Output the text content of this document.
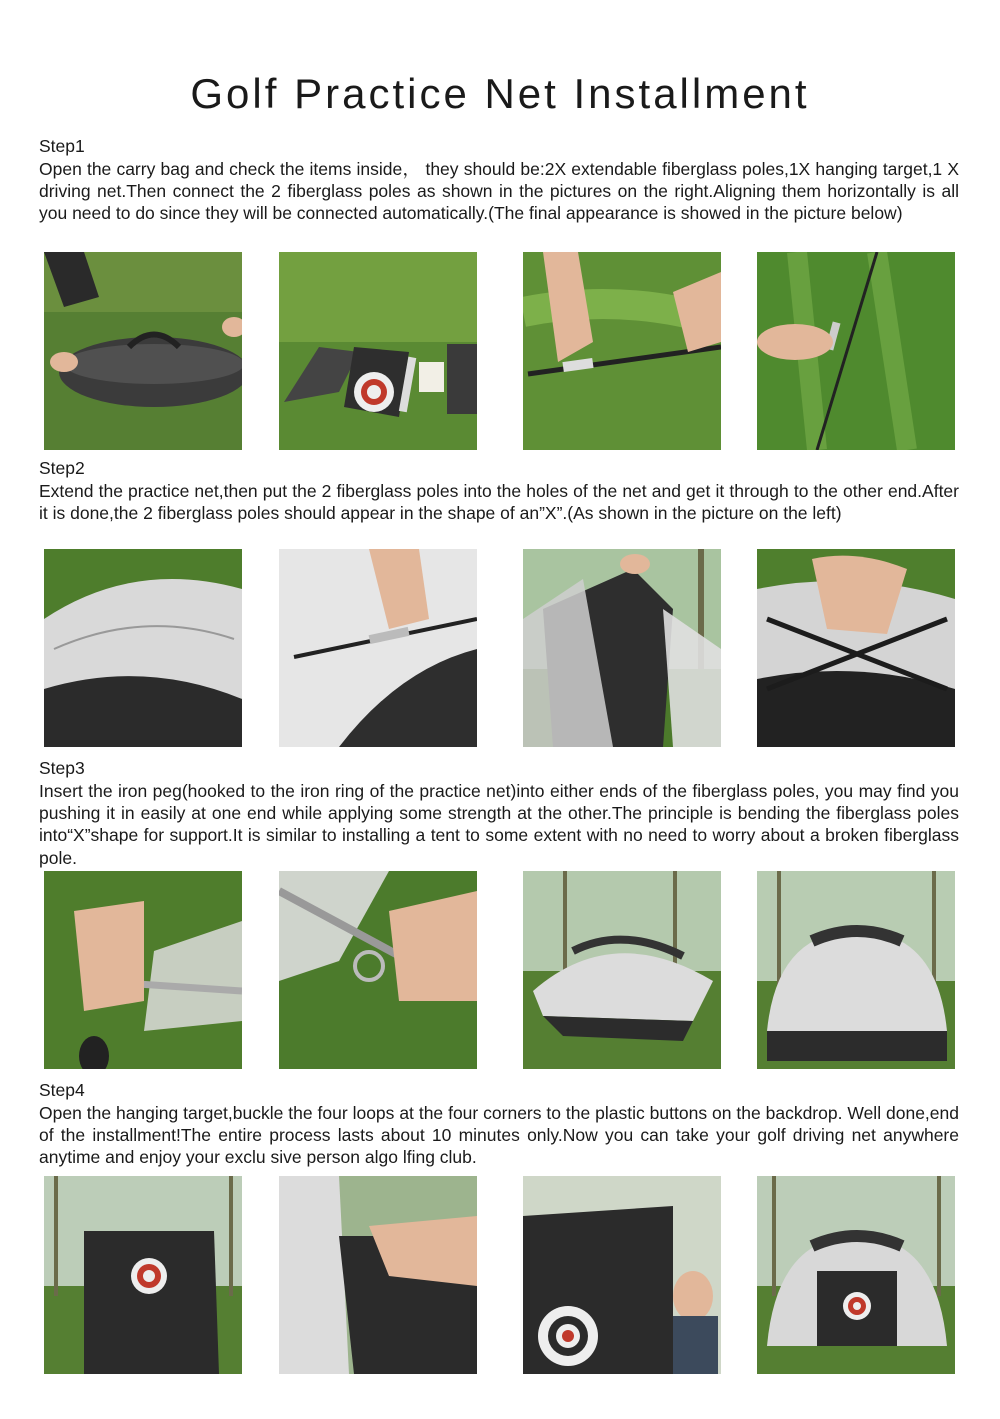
Golf Practice Net Installment
Step1

Open the carry bag and check the items inside， they should be:2X extendable fiberglass poles,1X hanging target,1 X driving net.Then connect the 2 fiberglass poles as shown in the pictures on the right.Aligning them horizontally is all you need to do since they will be connected automatically.(The final appearance is showed in the picture below)

Step2

Extend the practice net,then put the 2 fiberglass poles into the holes of the net and get it through to the other end.After it is done,the 2 fiberglass poles should appear in the shape of an”X”.(As shown in the picture on the left)

Step3

Insert the iron peg(hooked to the iron ring of the practice net)into either ends of the fiberglass poles, you may find you pushing it in easily at one end while applying some strength at the other.The principle is bending the fiberglass poles into“X”shape for support.It is similar to installing a tent to some extent with no need to worry about a broken fiberglass pole.

Step4

Open the hanging target,buckle the four loops at the four corners to the plastic buttons on the backdrop. Well done,end of the installment!The entire process lasts about 10 minutes only.Now you can take your golf driving net anywhere anytime and enjoy your exclu sive person algo lfing club.
